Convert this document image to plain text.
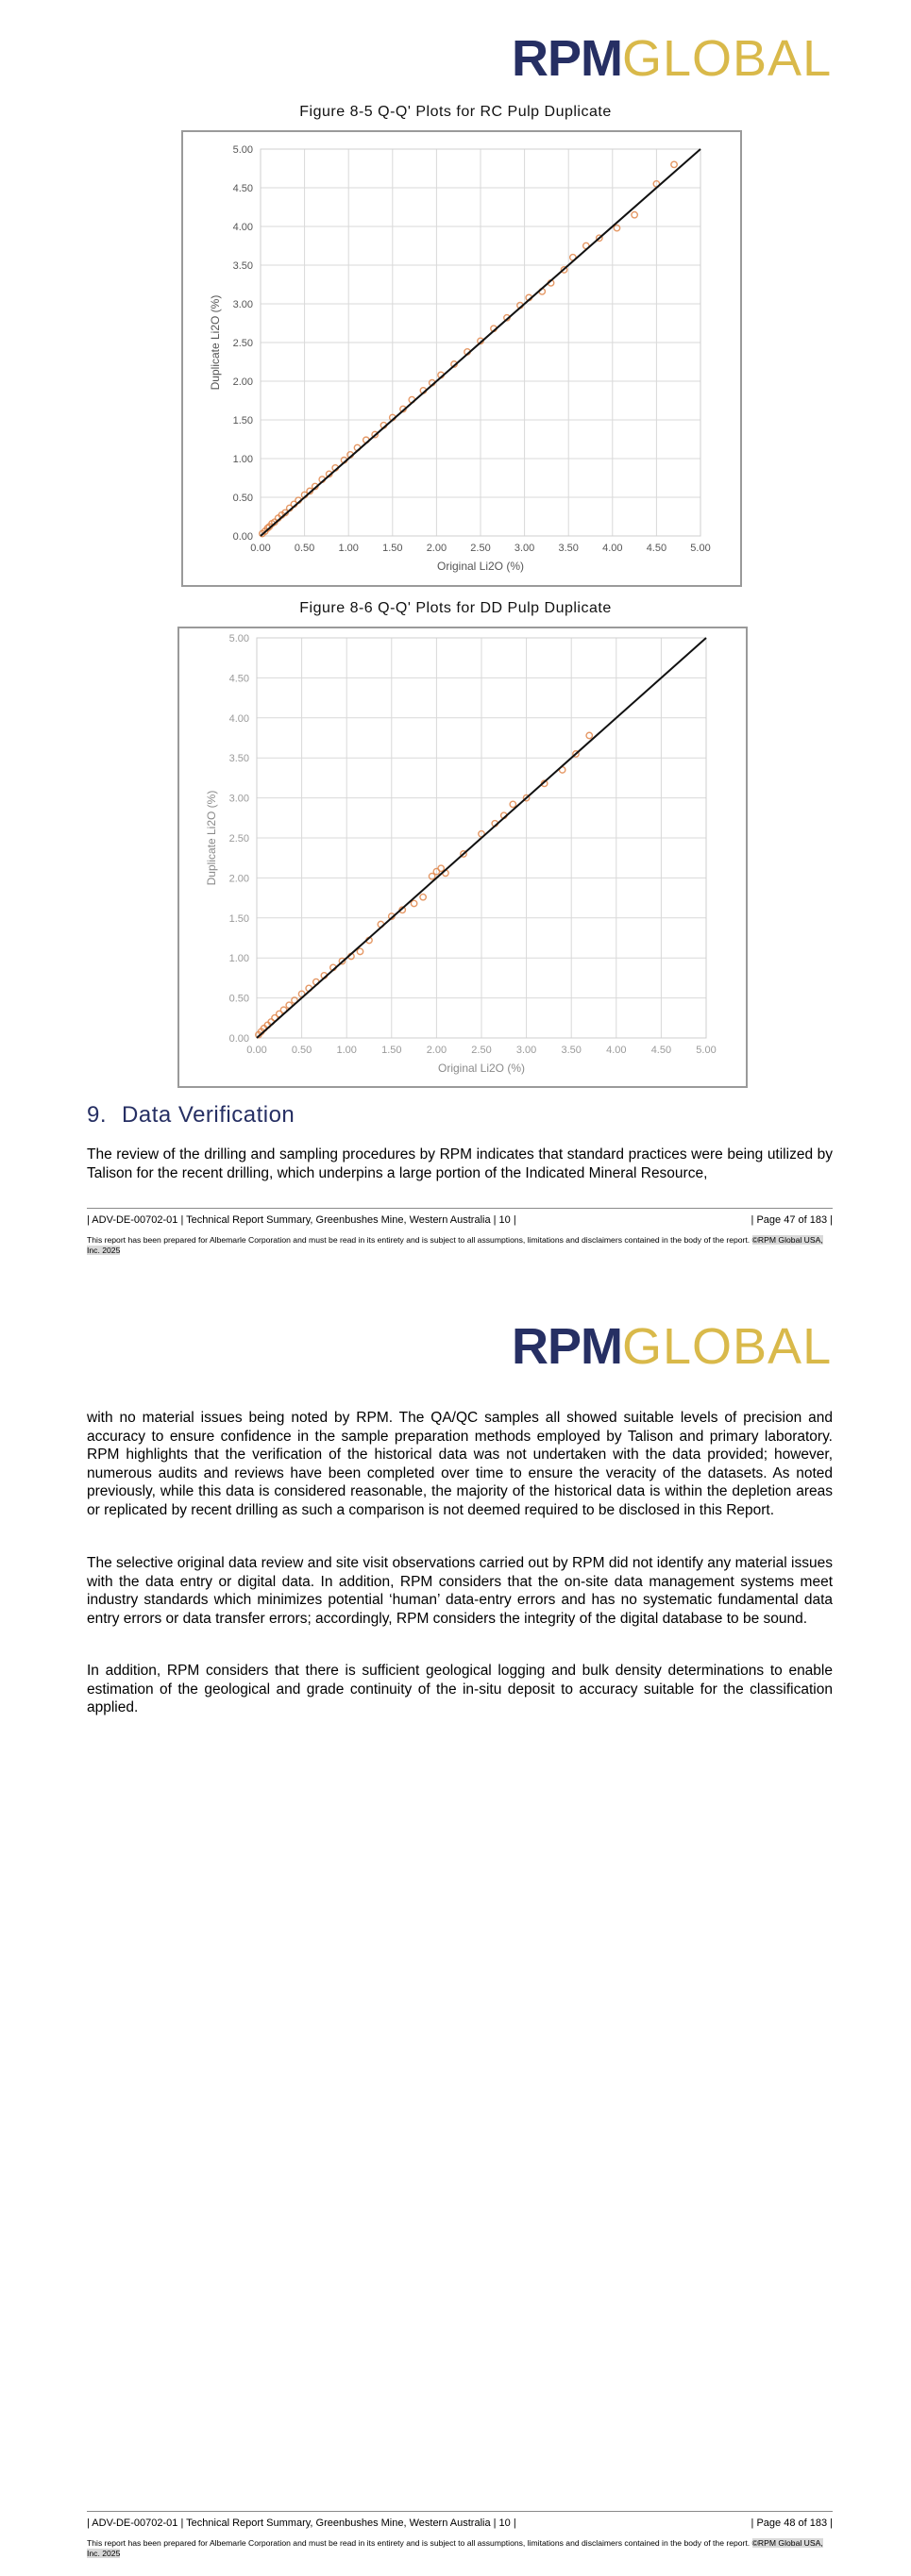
RPM GLOBAL
Figure 8-5 Q-Q' Plots for RC Pulp Duplicate
0.00 0.50 1.00 1.50 2.00 2.50 3.00 3.50 4.00 4.50 5.00
0.00
0.50
1.00
1.50
2.00
2.50
3.00
3.50
4.00
4.50
5.00
Original Li2O (%)
Duplicate Li2O (%)
Figure 8-6 Q-Q' Plots for DD Pulp Duplicate
0.00 0.50 1.00 1.50 2.00 2.50 3.00 3.50 4.00 4.50 5.00
0.00
0.50
1.00
1.50
2.00
2.50
3.00
3.50
4.00
4.50
5.00
Original Li2O (%)
Duplicate Li2O (%)
9. Data Verification
The review of the drilling and sampling procedures by RPM indicates that standard practices were being utilized by Talison for the recent drilling, which underpins a large portion of the Indicated Mineral Resource,
| ADV-DE-00702-01 | Technical Report Summary, Greenbushes Mine, Western Australia | 10 |	| Page 47 of 183 |
This report has been prepared for Albemarle Corporation and must be read in its entirety and is subject to all assumptions, limitations and disclaimers contained in the body of the report. ©RPM Global USA, Inc. 2025
RPM GLOBAL
with no material issues being noted by RPM. The QA/QC samples all showed suitable levels of precision and accuracy to ensure confidence in the sample preparation methods employed by Talison and primary laboratory. RPM highlights that the verification of the historical data was not undertaken with the data provided; however, numerous audits and reviews have been completed over time to ensure the veracity of the datasets. As noted previously, while this data is considered reasonable, the majority of the historical data is within the depletion areas or replicated by recent drilling as such a comparison is not deemed required to be disclosed in this Report.
The selective original data review and site visit observations carried out by RPM did not identify any material issues with the data entry or digital data. In addition, RPM considers that the on-site data management systems meet industry standards which minimizes potential ‘human’ data-entry errors and has no systematic fundamental data entry errors or data transfer errors; accordingly, RPM considers the integrity of the digital database to be sound.
In addition, RPM considers that there is sufficient geological logging and bulk density determinations to enable estimation of the geological and grade continuity of the in-situ deposit to accuracy suitable for the classification applied.
| ADV-DE-00702-01 | Technical Report Summary, Greenbushes Mine, Western Australia | 10 |	| Page 48 of 183 |
This report has been prepared for Albemarle Corporation and must be read in its entirety and is subject to all assumptions, limitations and disclaimers contained in the body of the report. ©RPM Global USA, Inc. 2025
